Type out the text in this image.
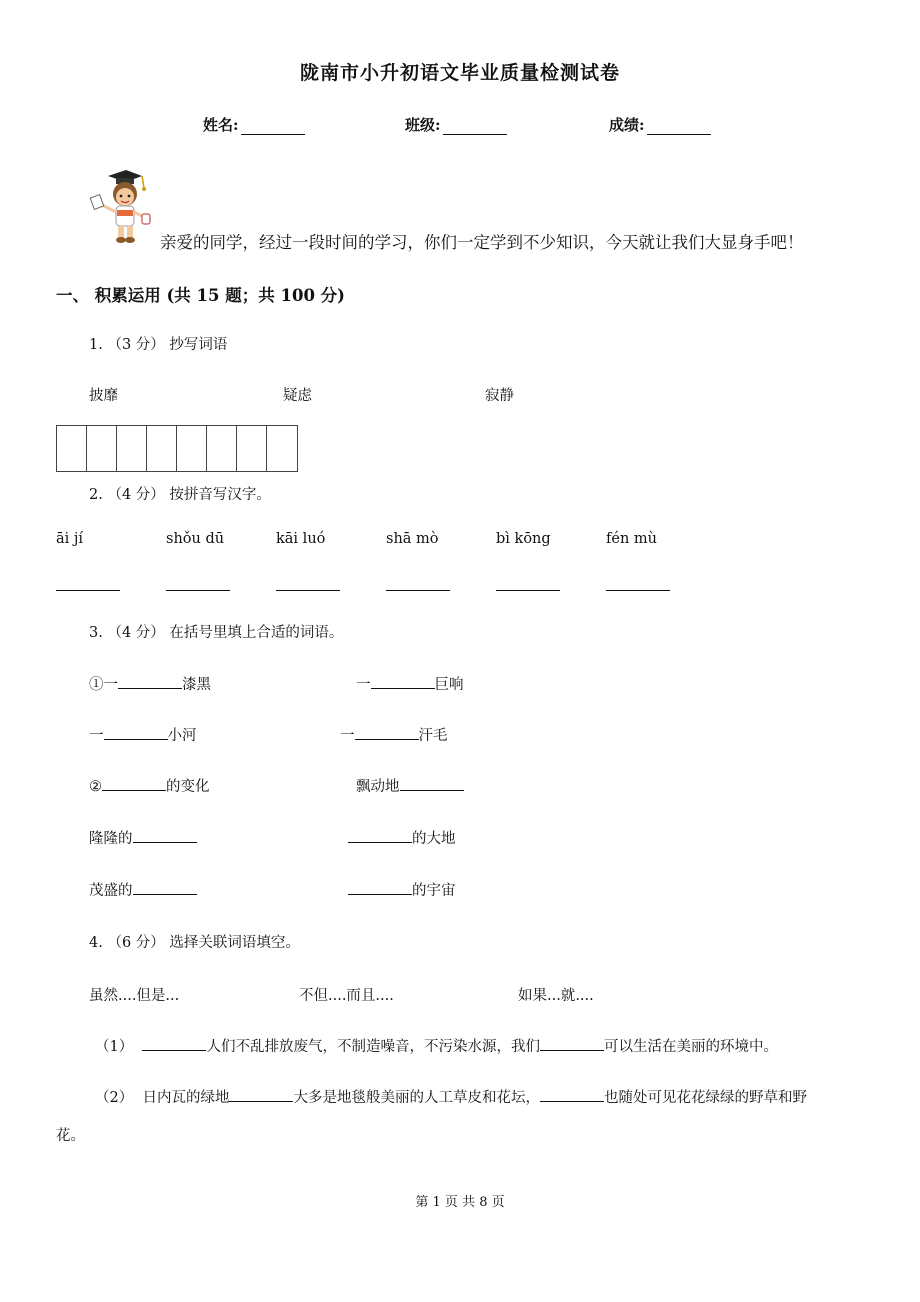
陇南市小升初语文毕业质量检测试卷
姓名:	班级:	成绩:
亲爱的同学，经过一段时间的学习，你们一定学到不少知识，今天就让我们大显身手吧！
一、 积累运用 (共 15 题；共 100 分)
1. （3 分） 抄写词语
披靡	疑虑	寂静
2. （4 分） 按拼音写汉字。
āi jí	shǒu dū	kāi luó	shā mò	bì kōng	fén mù
3. （4 分） 在括号里填上合适的词语。
①一	漆黑	一	巨响
一	小河	一	汗毛
②	的变化	飘动地
隆隆的	的大地
茂盛的	的宇宙
4. （6 分） 选择关联词语填空。
虽然....但是...	不但....而且....	如果...就....
（1）	人们不乱排放废气，不制造噪音，不污染水源，我们	可以生活在美丽的环境中。
（2） 日内瓦的绿地	大多是地毯般美丽的人工草皮和花坛，	也随处可见花花绿绿的野草和野
花。
第 1 页 共 8 页
